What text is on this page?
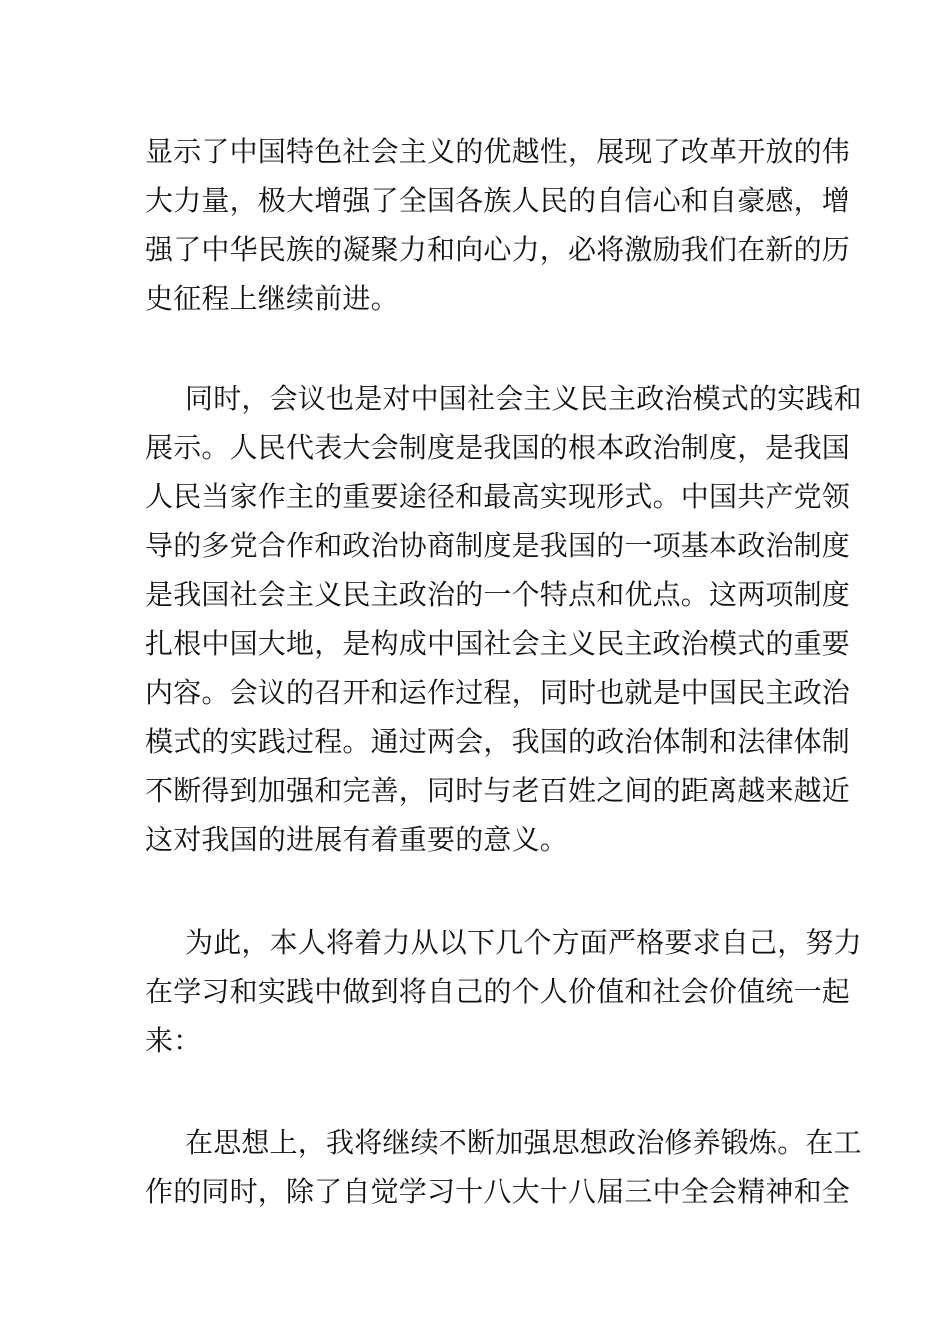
显示了中国特色社会主义的优越性，展现了改革开放的伟
大力量，极大增强了全国各族人民的自信心和自豪感，增
强了中华民族的凝聚力和向心力，必将激励我们在新的历
史征程上继续前进。
同时，会议也是对中国社会主义民主政治模式的实践和
展示。人民代表大会制度是我国的根本政治制度，是我国
人民当家作主的重要途径和最高实现形式。中国共产党领
导的多党合作和政治协商制度是我国的一项基本政治制度
是我国社会主义民主政治的一个特点和优点。这两项制度
扎根中国大地，是构成中国社会主义民主政治模式的重要
内容。会议的召开和运作过程，同时也就是中国民主政治
模式的实践过程。通过两会，我国的政治体制和法律体制
不断得到加强和完善，同时与老百姓之间的距离越来越近
这对我国的进展有着重要的意义。
为此，本人将着力从以下几个方面严格要求自己，努力
在学习和实践中做到将自己的个人价值和社会价值统一起
来：
在思想上，我将继续不断加强思想政治修养锻炼。在工
作的同时，除了自觉学习十八大十八届三中全会精神和全
